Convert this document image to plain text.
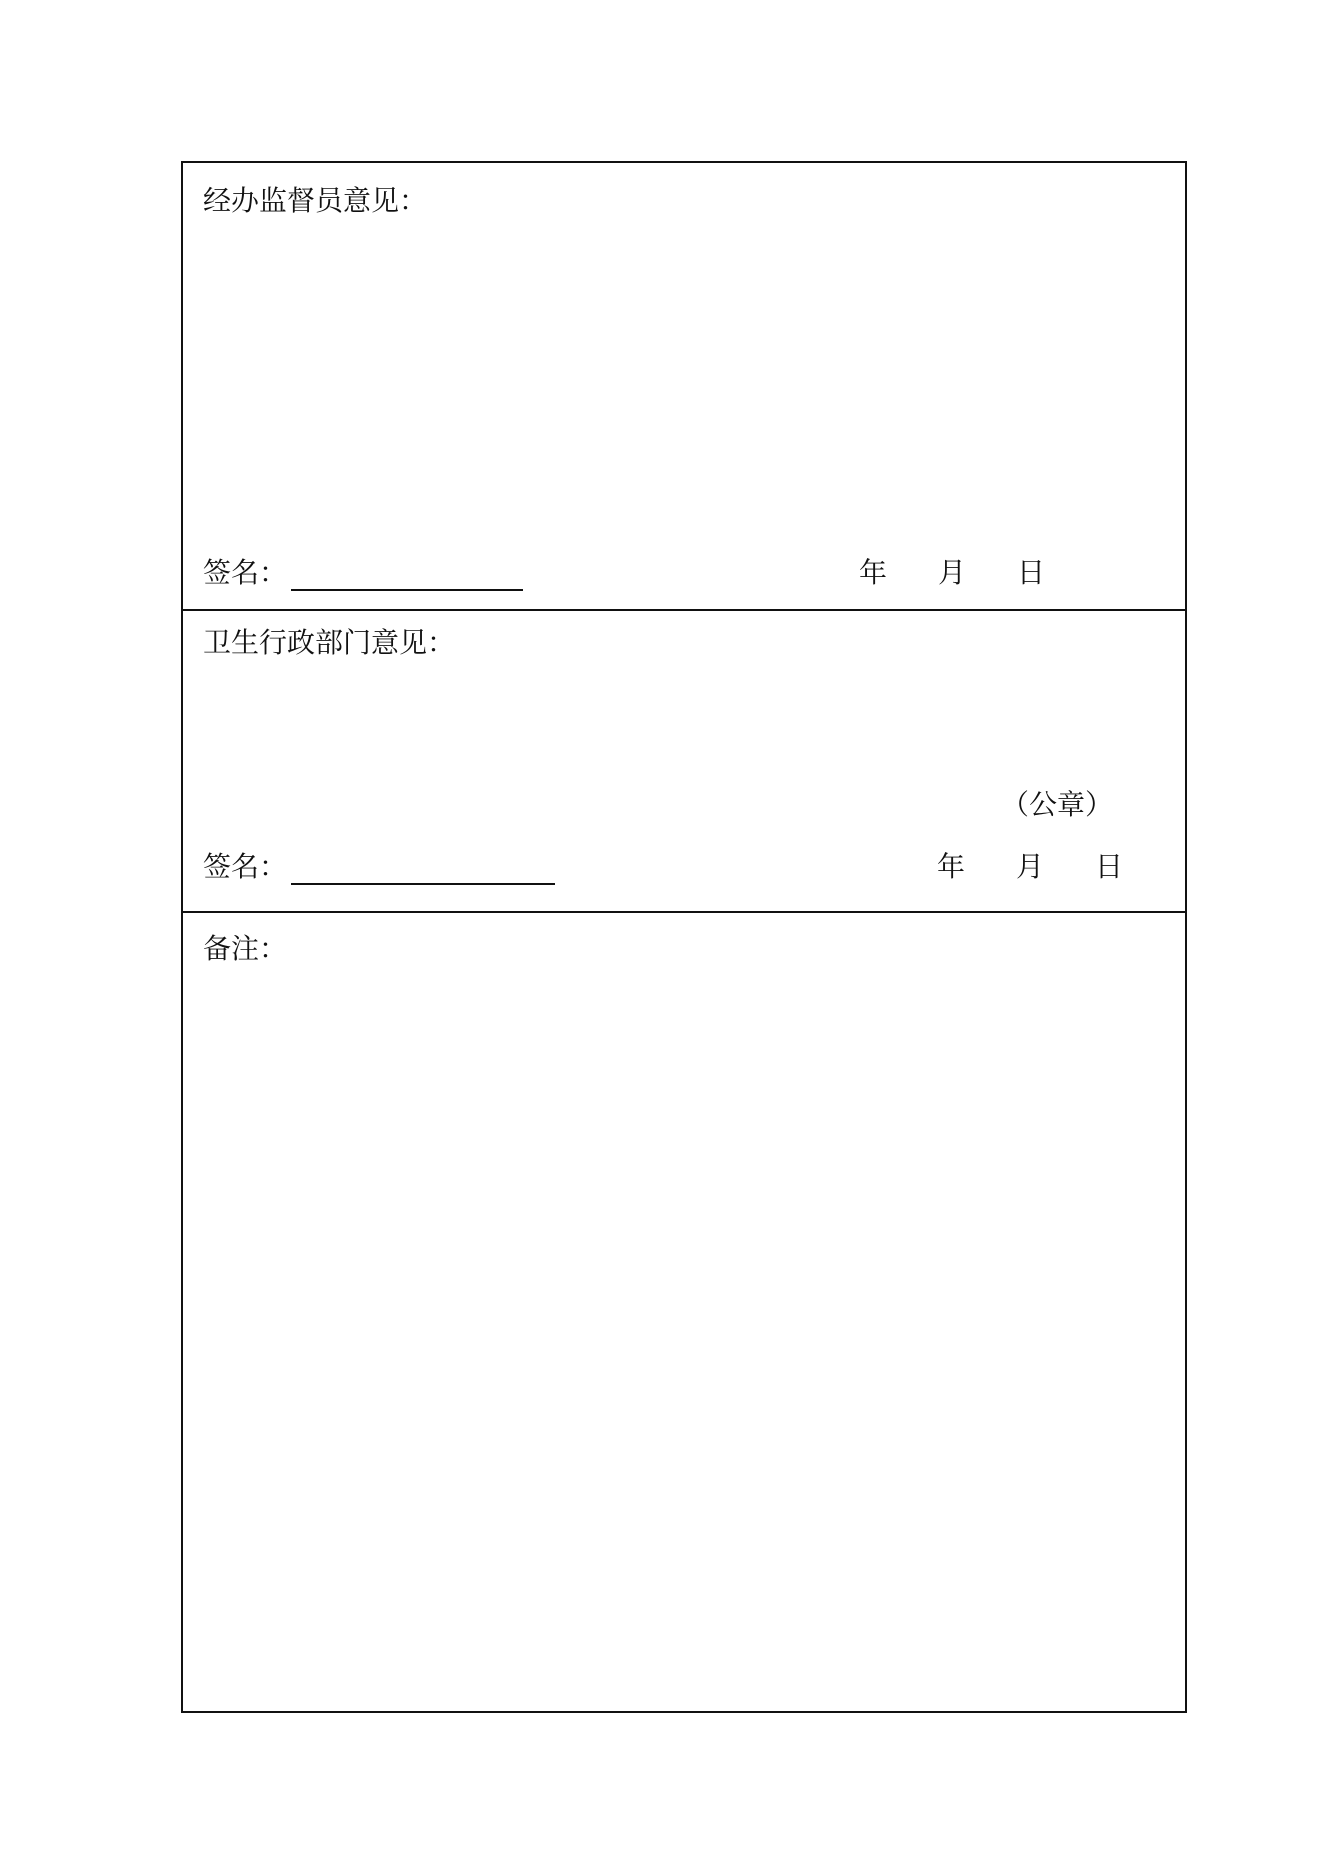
经办监督员意见：
签名：	年 月 日
卫生行政部门意见：
（公章）
签名：	年 月 日
备注：
